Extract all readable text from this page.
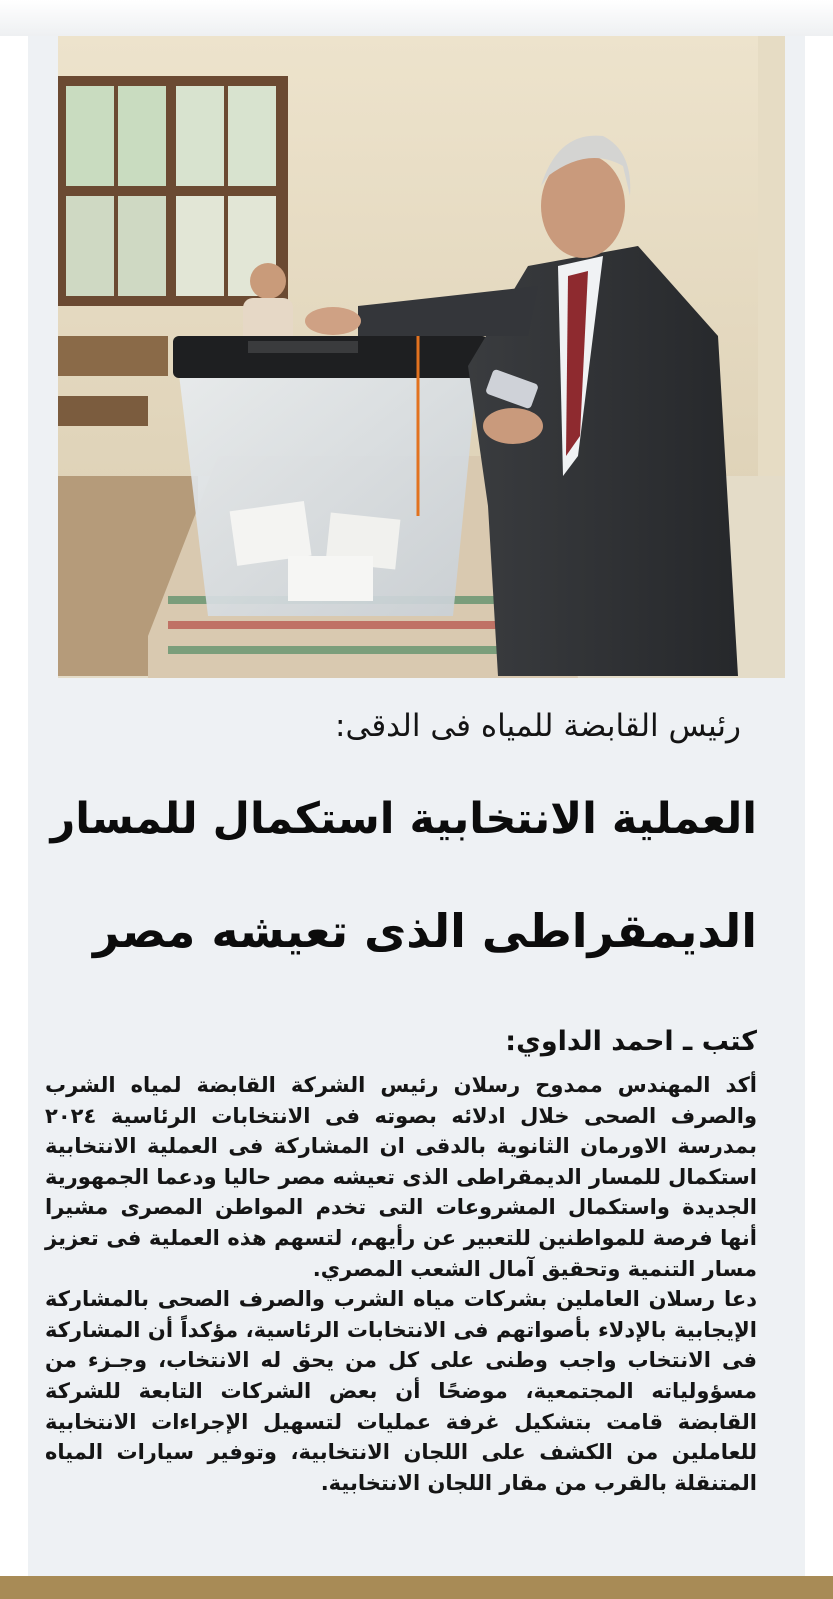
رئيس القابضة للمياه فى الدقى:
العملية الانتخابية استكمال للمسار
الديمقراطى الذى تعيشه مصر
كتب ـ احمد الداوي:

أكد المهندس ممدوح رسلان رئيس الشركة القابضة لمياه الشرب والصرف الصحى خلال ادلائه بصوته فى الانتخابات الرئاسية ٢٠٢٤ بمدرسة الاورمان الثانوية بالدقى ان المشاركة فى العملية الانتخابية استكمال للمسار الديمقراطى الذى تعيشه مصر حاليا ودعما الجمهورية الجديدة واستكمال المشروعات التى تخدم المواطن المصرى مشيرا أنها فرصة للمواطنين للتعبير عن رأيهم، لتسهم هذه العملية فى تعزيز مسار التنمية وتحقيق آمال الشعب المصري.

دعا رسلان العاملين بشركات مياه الشرب والصرف الصحى بالمشاركة الإيجابية بالإدلاء بأصواتهم فى الانتخابات الرئاسية، مؤكداً أن المشاركة فى الانتخاب واجب وطنى على كل من يحق له الانتخاب، وجـزء من مسؤولياته المجتمعية، موضحًا أن بعض الشركات التابعة للشركة القابضة قامت بتشكيل غرفة عمليات لتسهيل الإجراءات الانتخابية للعاملين من الكشف على اللجان الانتخابية، وتوفير سيارات المياه المتنقلة بالقرب من مقار اللجان الانتخابية.
